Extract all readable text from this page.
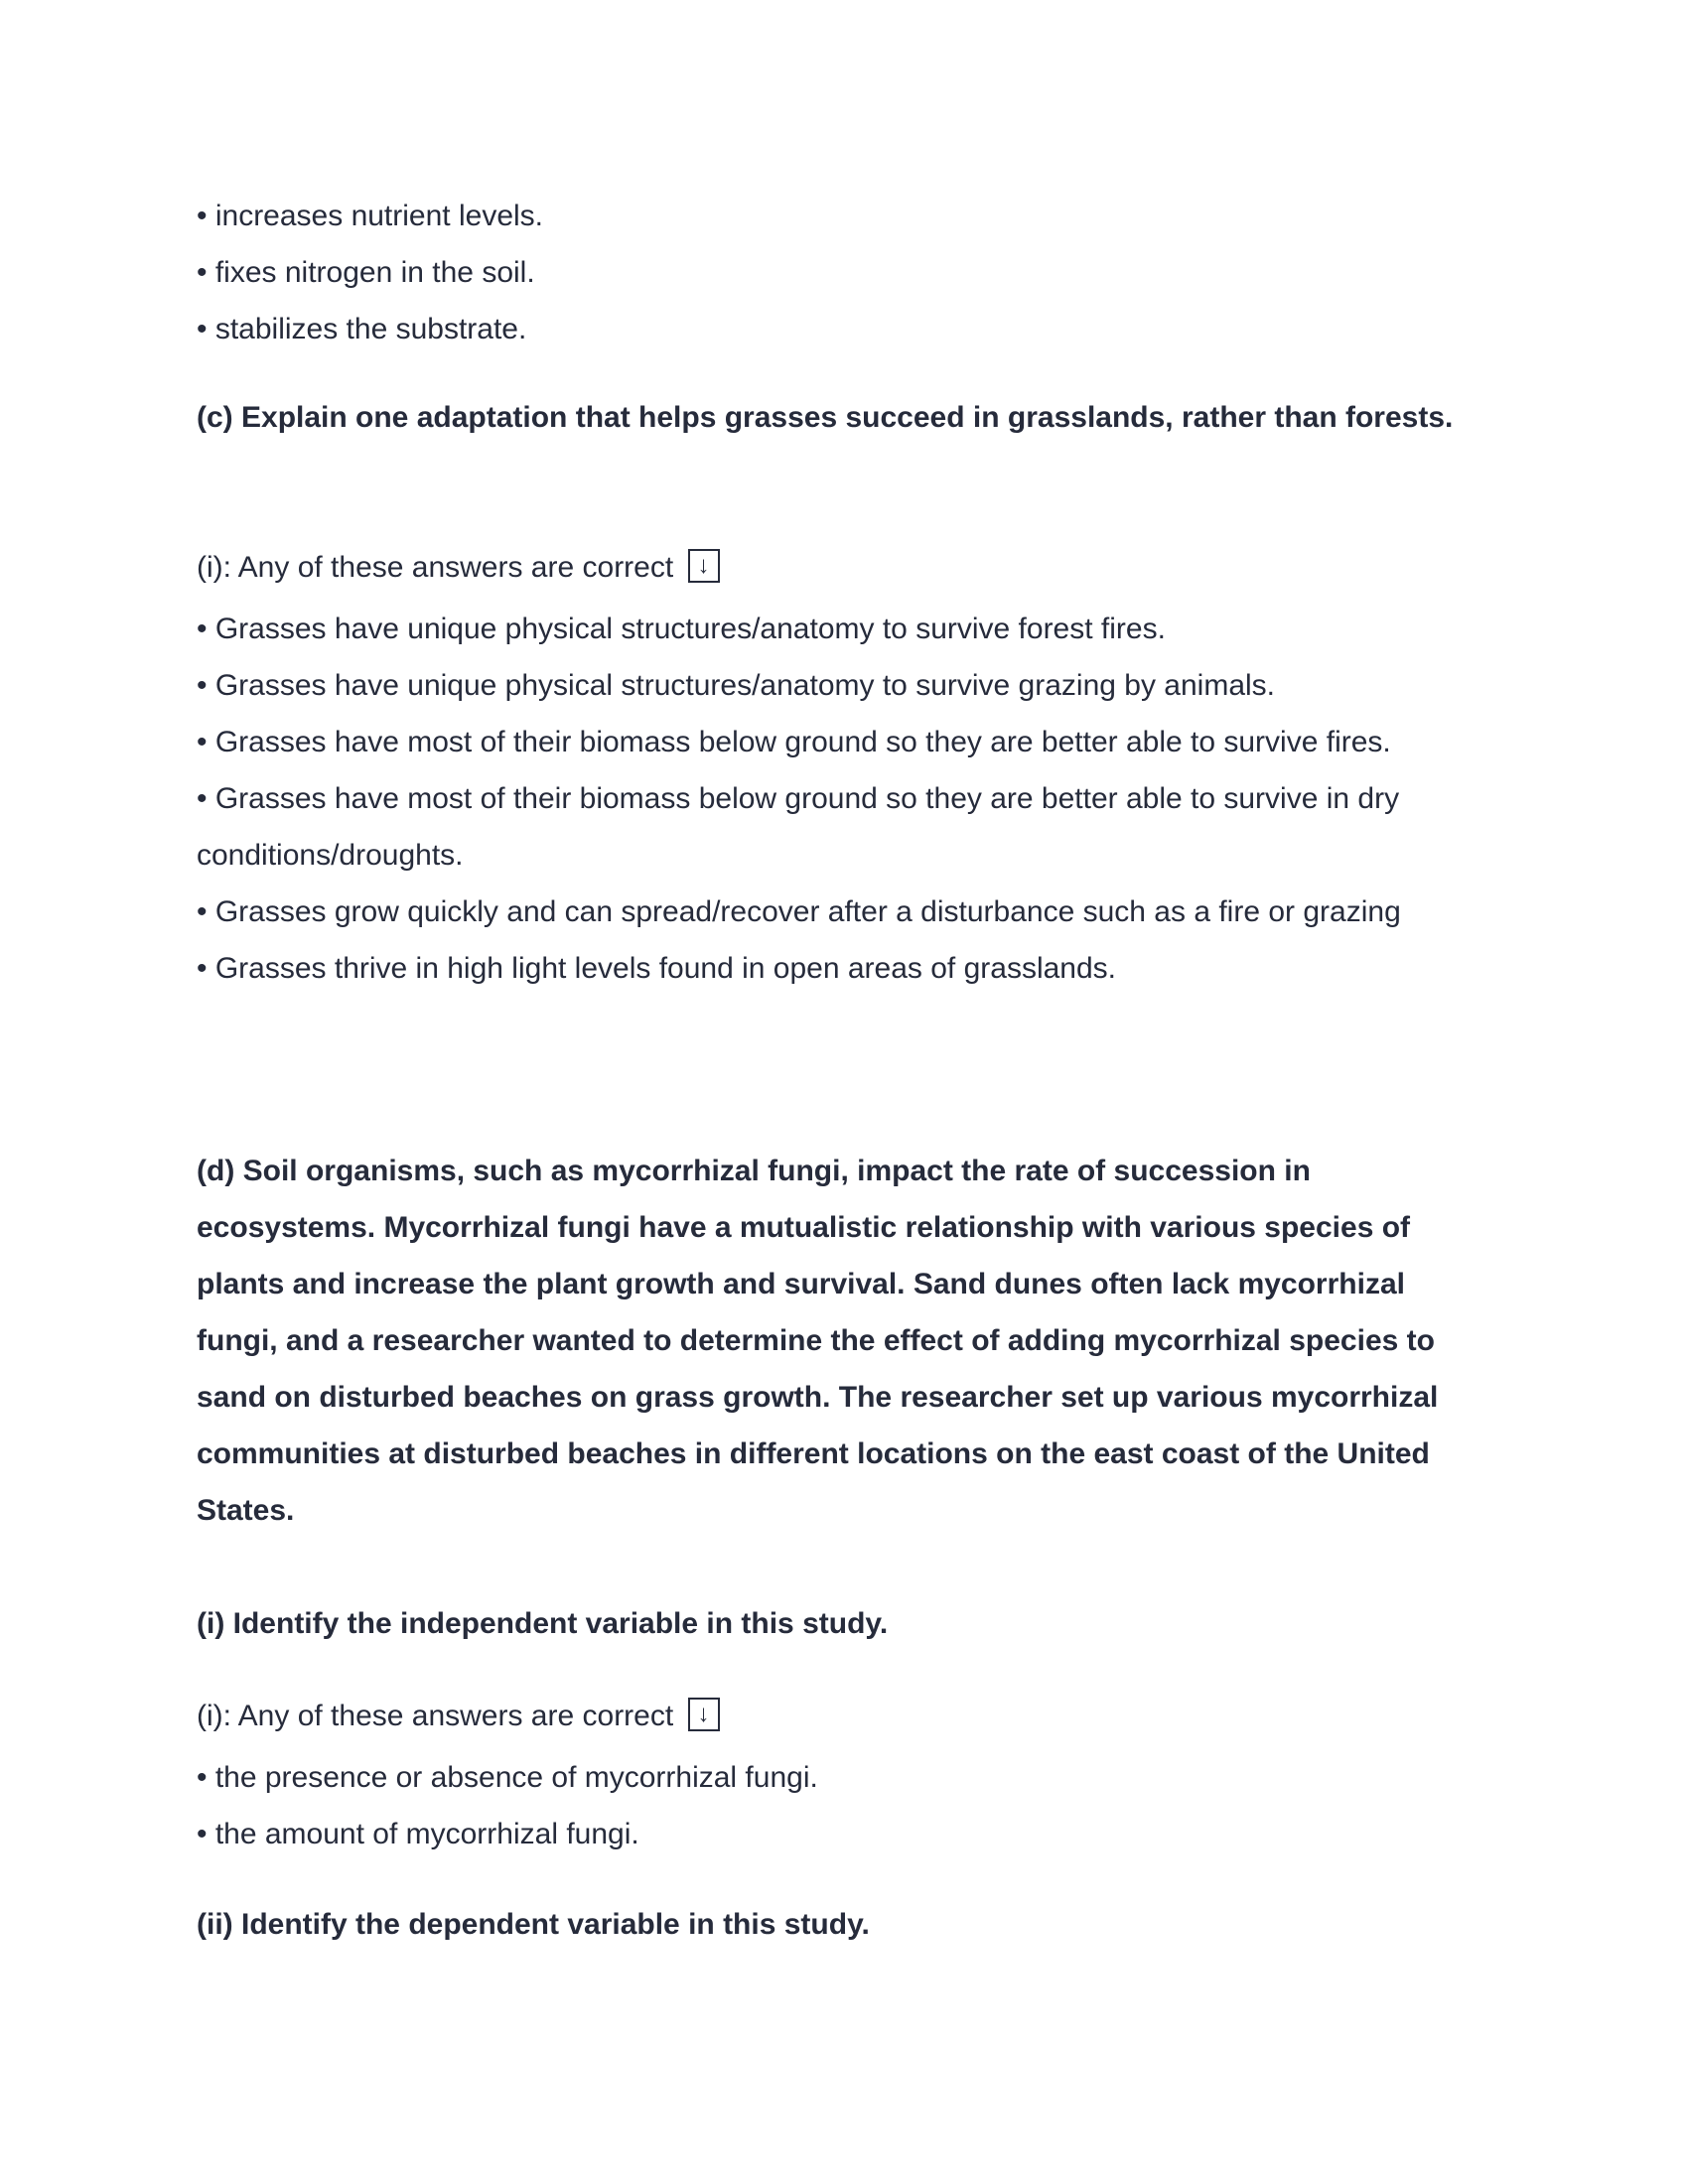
• increases nutrient levels.

• fixes nitrogen in the soil.

• stabilizes the substrate.

(c) Explain one adaptation that helps grasses succeed in grasslands, rather than forests.

(i): Any of these answers are correct ↓

• Grasses have unique physical structures/anatomy to survive forest fires.

• Grasses have unique physical structures/anatomy to survive grazing by animals.

• Grasses have most of their biomass below ground so they are better able to survive fires.

• Grasses have most of their biomass below ground so they are better able to survive in dry conditions/droughts.

• Grasses grow quickly and can spread/recover after a disturbance such as a fire or grazing

• Grasses thrive in high light levels found in open areas of grasslands.

(d) Soil organisms, such as mycorrhizal fungi, impact the rate of succession in ecosystems. Mycorrhizal fungi have a mutualistic relationship with various species of plants and increase the plant growth and survival. Sand dunes often lack mycorrhizal fungi, and a researcher wanted to determine the effect of adding mycorrhizal species to sand on disturbed beaches on grass growth. The researcher set up various mycorrhizal communities at disturbed beaches in different locations on the east coast of the United States.

(i) Identify the independent variable in this study.

(i): Any of these answers are correct ↓

• the presence or absence of mycorrhizal fungi.

• the amount of mycorrhizal fungi.

(ii) Identify the dependent variable in this study.
